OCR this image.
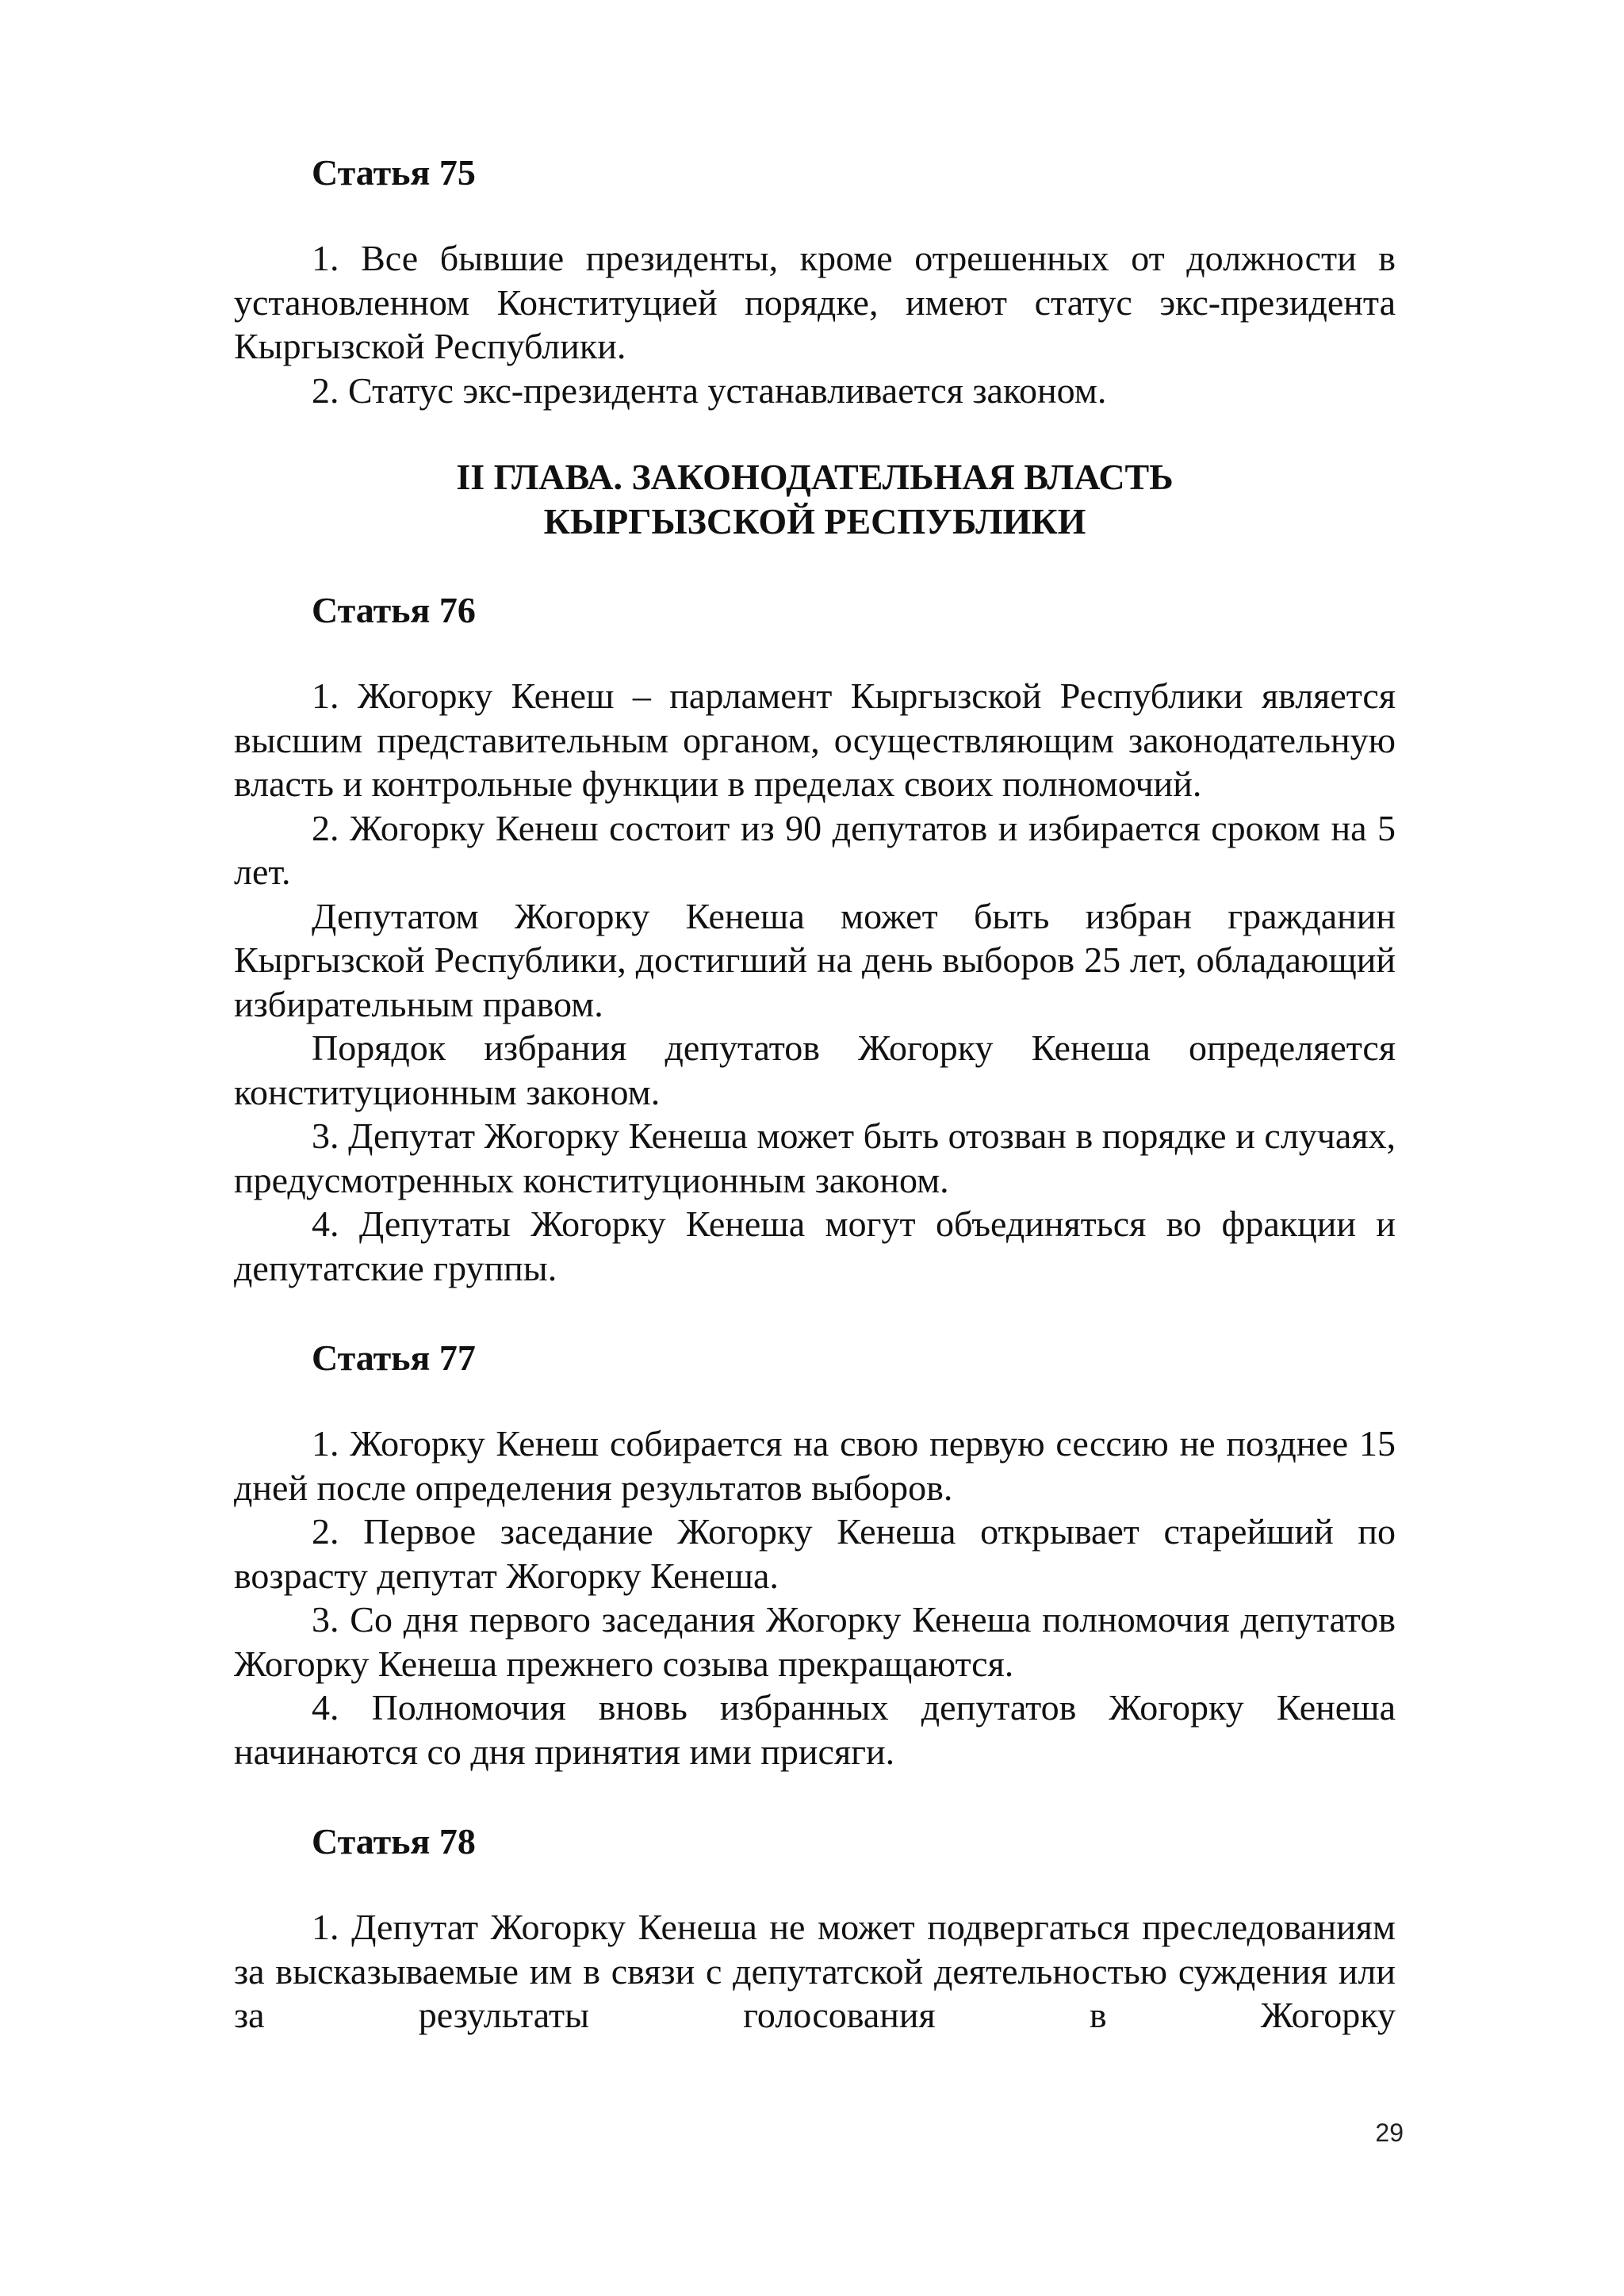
Статья 75

1. Все бывшие президенты, кроме отрешенных от должности в установленном Конституцией порядке, имеют статус экс-президента Кыргызской Республики.

2. Статус экс-президента устанавливается законом.

II ГЛАВА. ЗАКОНОДАТЕЛЬНАЯ ВЛАСТЬ
КЫРГЫЗСКОЙ РЕСПУБЛИКИ
Статья 76

1. Жогорку Кенеш – парламент Кыргызской Республики является высшим представительным органом, осуществляющим законодательную власть и контрольные функции в пределах своих полномочий.

2. Жогорку Кенеш состоит из 90 депутатов и избирается сроком на 5 лет.

Депутатом Жогорку Кенеша может быть избран гражданин Кыргызской Республики, достигший на день выборов 25 лет, обладающий избирательным правом.

Порядок избрания депутатов Жогорку Кенеша определяется конституционным законом.

3. Депутат Жогорку Кенеша может быть отозван в порядке и случаях, предусмотренных конституционным законом.

4. Депутаты Жогорку Кенеша могут объединяться во фракции и депутатские группы.

Статья 77

1. Жогорку Кенеш собирается на свою первую сессию не позднее 15 дней после определения результатов выборов.

2. Первое заседание Жогорку Кенеша открывает старейший по возрасту депутат Жогорку Кенеша.

3. Со дня первого заседания Жогорку Кенеша полномочия депутатов Жогорку Кенеша прежнего созыва прекращаются.

4. Полномочия вновь избранных депутатов Жогорку Кенеша начинаются со дня принятия ими присяги.

Статья 78

1. Депутат Жогорку Кенеша не может подвергаться преследованиям за высказываемые им в связи с депутатской деятельностью суждения или за результаты голосования в Жогорку

29
